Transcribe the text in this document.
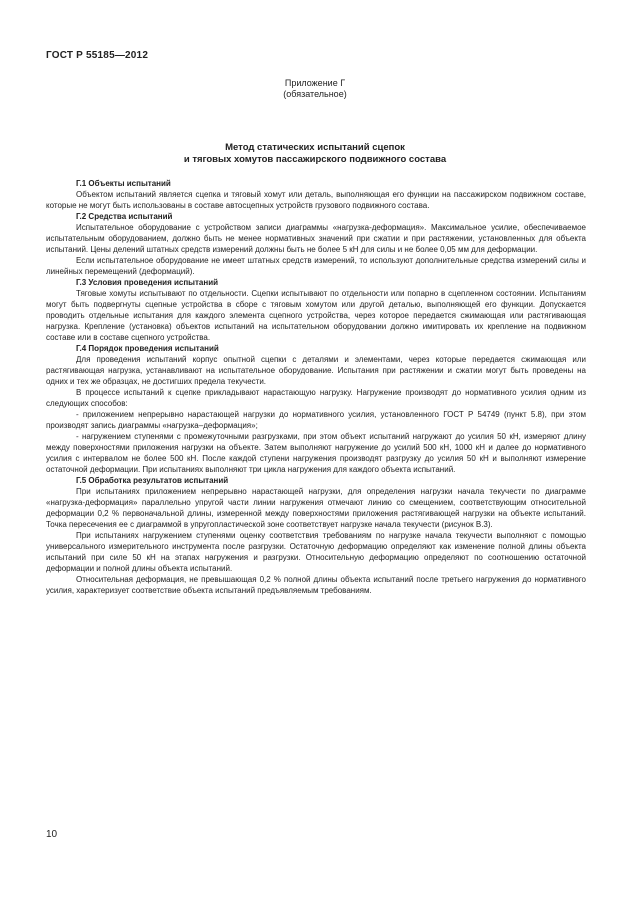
ГОСТ Р 55185—2012
Приложение Г
(обязательное)
Метод статических испытаний сцепок
и тяговых хомутов пассажирского подвижного состава

Г.1 Объекты испытаний

Объектом испытаний является сцепка и тяговый хомут или деталь, выполняющая его функции на пассажирском подвижном составе, которые не могут быть использованы в составе автосцепных устройств грузового подвижного состава.

Г.2 Средства испытаний

Испытательное оборудование с устройством записи диаграммы «нагрузка-деформация». Максимальное усилие, обеспечиваемое испытательным оборудованием, должно быть не менее нормативных значений при сжатии и при растяжении, установленных для объекта испытаний. Цены делений штатных средств измерений должны быть не более 5 кН для силы и не более 0,05 мм для деформации.

Если испытательное оборудование не имеет штатных средств измерений, то используют дополнительные средства измерений силы и линейных перемещений (деформаций).

Г.3 Условия проведения испытаний

Тяговые хомуты испытывают по отдельности. Сцепки испытывают по отдельности или попарно в сцепленном состоянии. Испытаниям могут быть подвергнуты сцепные устройства в сборе с тяговым хомутом или другой деталью, выполняющей его функции. Допускается проводить отдельные испытания для каждого элемента сцепного устройства, через которое передается сжимающая или растягивающая нагрузка. Крепление (установка) объектов испытаний на испытательном оборудовании должно имитировать их крепление на подвижном составе или в составе сцепного устройства.

Г.4 Порядок проведения испытаний

Для проведения испытаний корпус опытной сцепки с деталями и элементами, через которые передается сжимающая или растягивающая нагрузка, устанавливают на испытательное оборудование. Испытания при растяжении и сжатии могут быть проведены на одних и тех же образцах, не достигших предела текучести.

В процессе испытаний к сцепке прикладывают нарастающую нагрузку. Нагружение производят до нормативного усилия одним из следующих способов:

- приложением непрерывно нарастающей нагрузки до нормативного усилия, установленного ГОСТ Р 54749 (пункт 5.8), при этом производят запись диаграммы «нагрузка–деформация»;

- нагружением ступенями с промежуточными разгрузками, при этом объект испытаний нагружают до усилия 50 кН, измеряют длину между поверхностями приложения нагрузки на объекте. Затем выполняют нагружение до усилий 500 кН, 1000 кН и далее до нормативного усилия с интервалом не более 500 кН. После каждой ступени нагружения производят разгрузку до усилия 50 кН и выполняют измерение остаточной деформации. При испытаниях выполняют три цикла нагружения для каждого объекта испытаний.

Г.5 Обработка результатов испытаний

При испытаниях приложением непрерывно нарастающей нагрузки, для определения нагрузки начала текучести по диаграмме «нагрузка-деформация» параллельно упругой части линии нагружения отмечают линию со смещением, соответствующим относительной деформации 0,2 % первоначальной длины, измеренной между поверхностями приложения растягивающей нагрузки на объекте испытаний. Точка пересечения ее с диаграммой в упругопластической зоне соответствует нагрузке начала текучести (рисунок В.3).

При испытаниях нагружением ступенями оценку соответствия требованиям по нагрузке начала текучести выполняют с помощью универсального измерительного инструмента после разгрузки. Остаточную деформацию определяют как изменение полной длины объекта испытаний при силе 50 кН на этапах нагружения и разгрузки. Относительную деформацию определяют по соотношению остаточной деформации и полной длины объекта испытаний.

Относительная деформация, не превышающая 0,2 % полной длины объекта испытаний после третьего нагружения до нормативного усилия, характеризует соответствие объекта испытаний предъявляемым требованиям.

10
